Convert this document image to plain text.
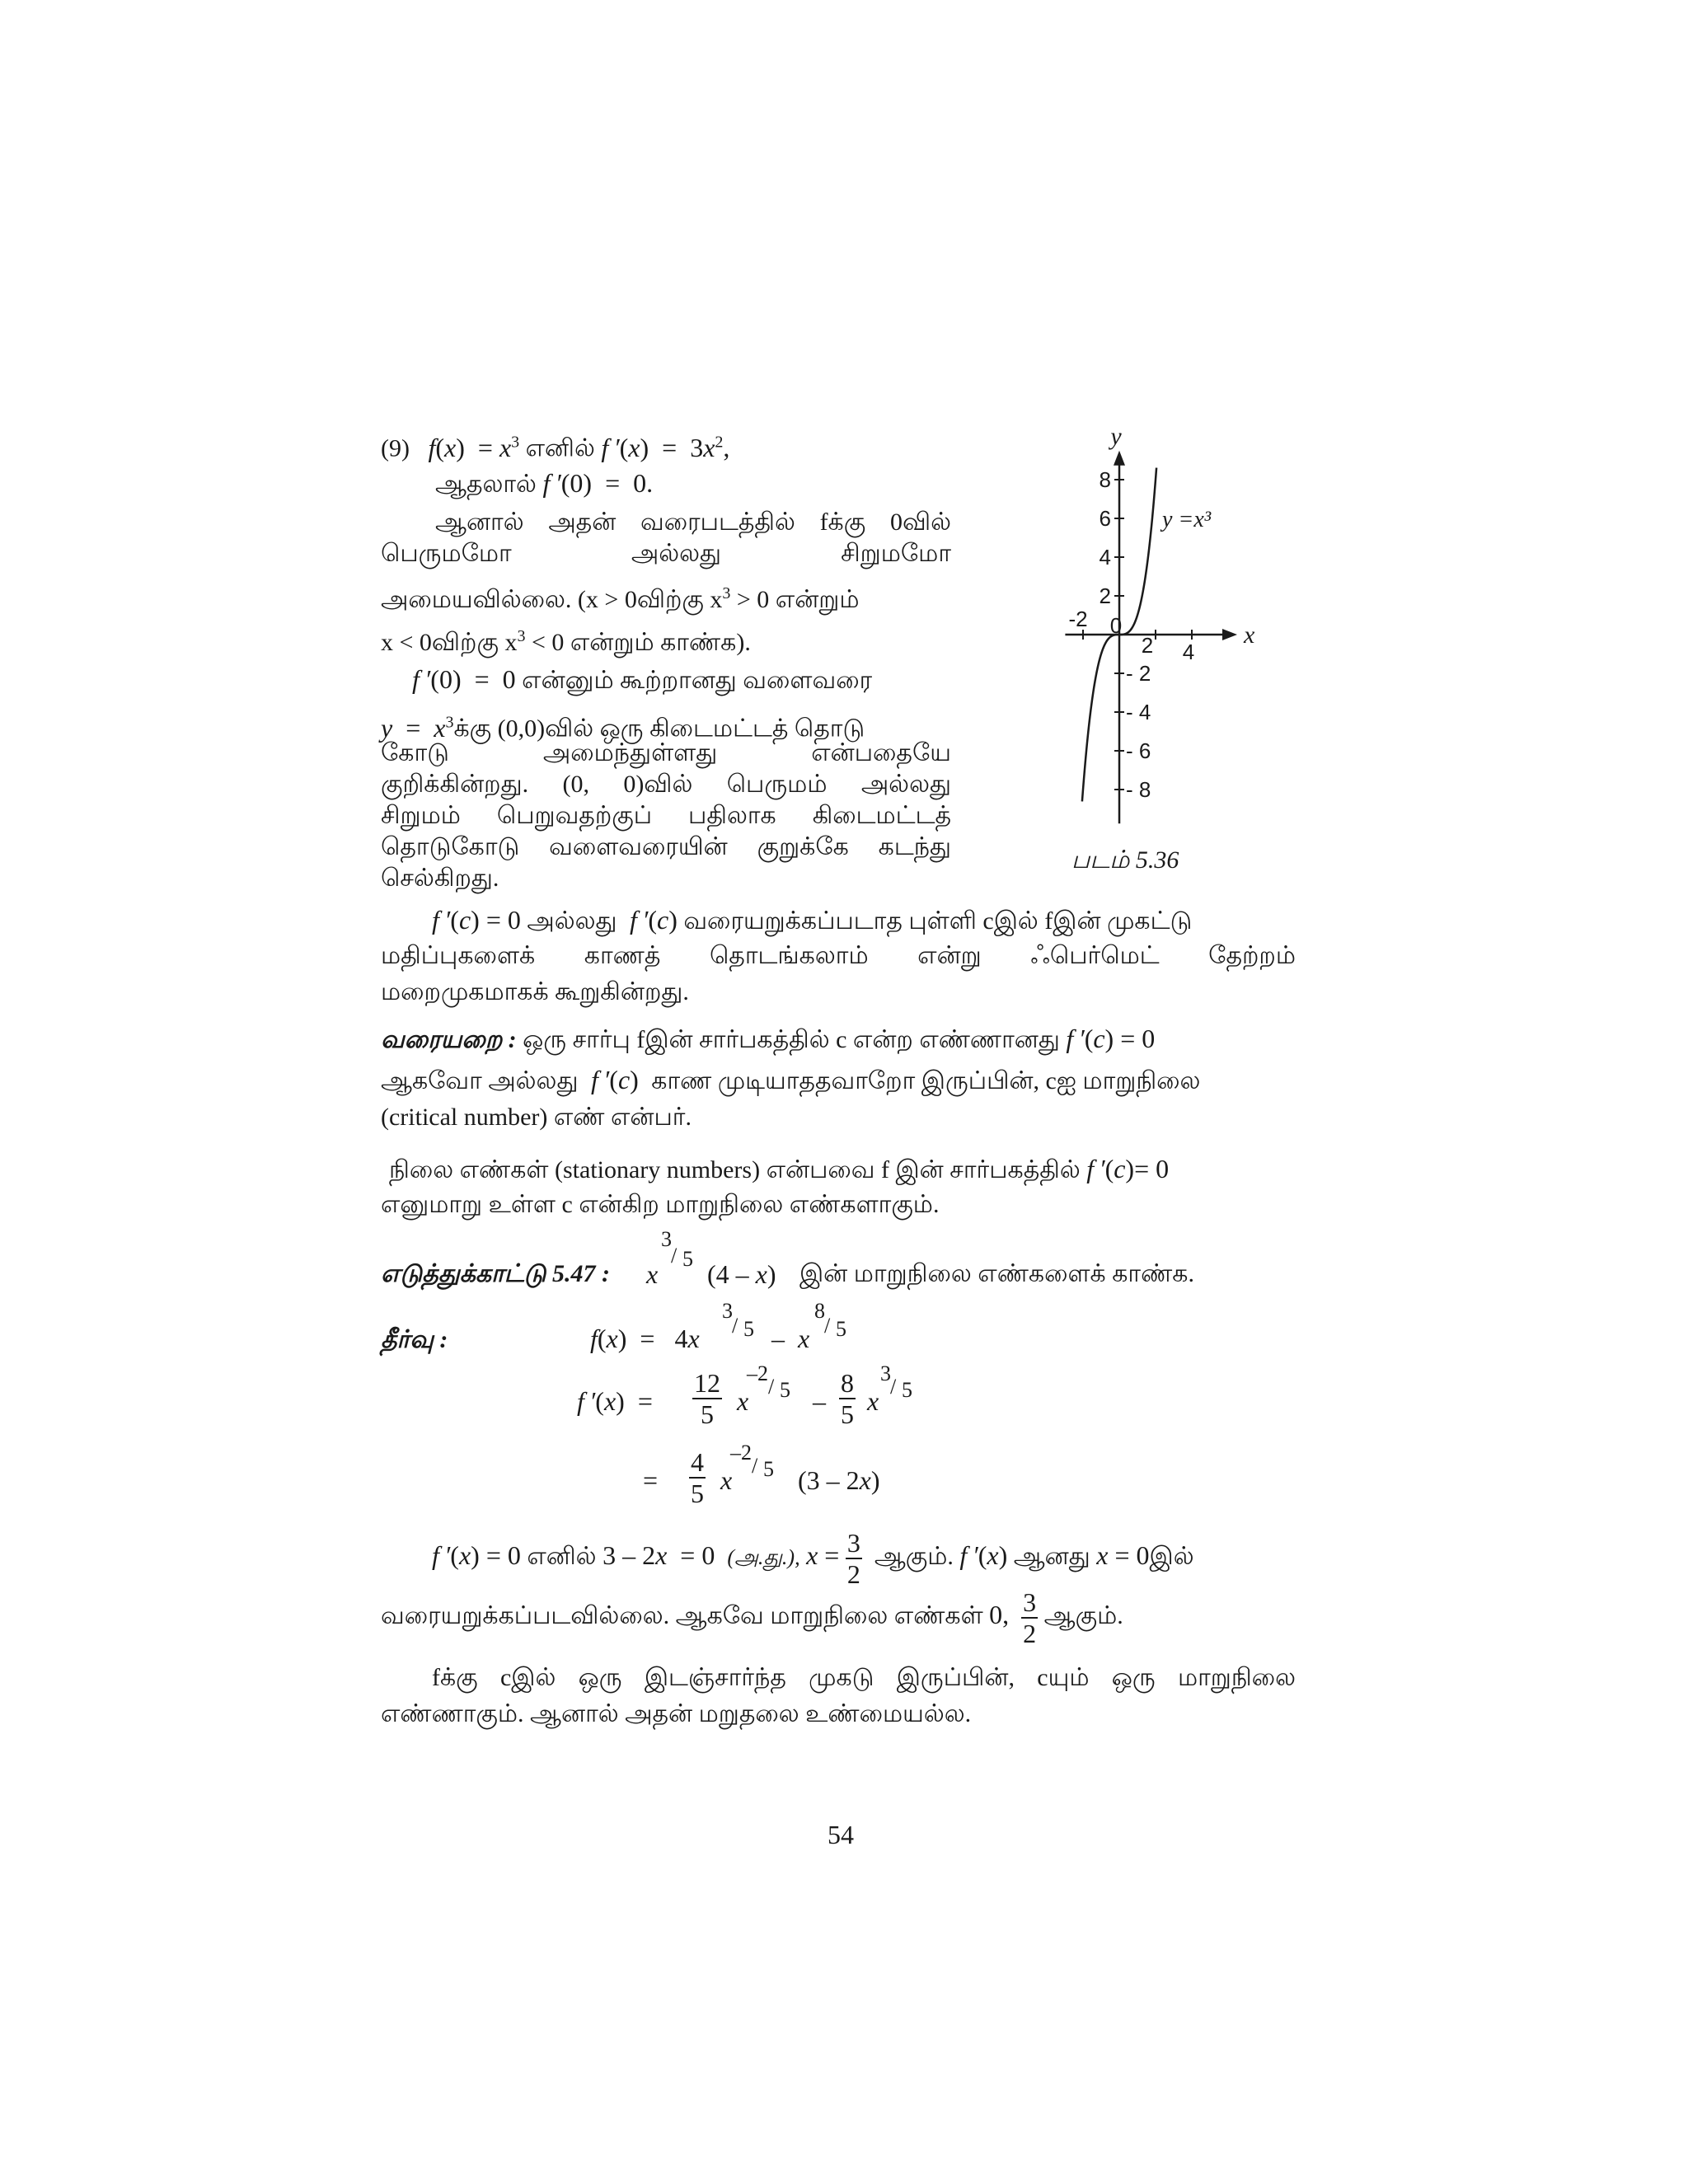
(9) $f(x) = x^3$ எனில் f $'(x) = 3x^2$,
ஆதலால் f ′(0)  =  0.
ஆனால் அதன் வரைபடத்தில் fக்கு 0வில்
பெருமமோ அல்லது சிறுமமோ
அமையவில்லை. (x > 0விற்கு $x^3 > 0$ என்றும்
x < 0விற்கு $x^3 < 0$ என்றும் காண்க).
f ′(0)  =  0 என்னும் கூற்றானது வளைவரை
$y = x^3க்கு$ (0,0)வில் ஒரு கிடைமட்டத் தொடு
கோடு அமைந்துள்ளது என்பதையே
குறிக்கின்றது. (0, 0)வில் பெருமம் அல்லது
சிறுமம் பெறுவதற்குப் பதிலாக கிடைமட்டத்
தொடுகோடு வளைவரையின் குறுக்கே கடந்து
செல்கிறது.
8
6
4
2
- 2
- 4
- 6
- 8
-2 0
2 4
x
y
y =x³
படம் 5.36
f ′(c) = 0 அல்லது f ′(c) வரையறுக்கப்படாத புள்ளி cஇல் fஇன் முகட்டு
மதிப்புகளைக் காணத் தொடங்கலாம் என்று ஃபெர்மெட் தேற்றம்
மறைமுகமாகக் கூறுகின்றது.
வரையறை : ஒரு சார்பு fஇன் சார்பகத்தில் c என்ற எண்ணானது f ′(c) = 0
ஆகவோ அல்லது f ′(c)  காண முடியாததவாறோ இருப்பின், cஐ மாறுநிலை
(critical number) எண் என்பர்.
நிலை எண்கள் (stationary numbers) என்பவை f இன் சார்பகத்தில் f ′(c)= 0
எனுமாறு உள்ள c என்கிற மாறுநிலை எண்களாகும்.
எடுத்துக்காட்டு 5.47 : x
3
/ 5
(4 – x) இன் மாறுநிலை எண்களைக் காண்க.
தீர்வு :	f(x)  =   4x
3
/ 5 –  x
8
/ 5
f $'(x) = \frac{12}{5}$ x
–2
/ $5 - \frac{8}{5}$ x
3
/ 5
= $\frac{4}{5}$ x
–2
/ 5 (3 – 2x)
f ′(x) = 0 எனில் 3 – 2x  = 0 (அ.து.), $x = \frac{3}{2}$ ஆகும். f ′(x) ஆனது x = 0இல்
வரையறுக்கப்படவில்லை. ஆகவே மாறுநிலை எண்கள் 0, $\frac{3}{2}$ ஆகும்.
fக்கு cஇல் ஒரு இடஞ்சார்ந்த முகடு இருப்பின், cயும் ஒரு மாறுநிலை
எண்ணாகும். ஆனால் அதன் மறுதலை உண்மையல்ல.
54
